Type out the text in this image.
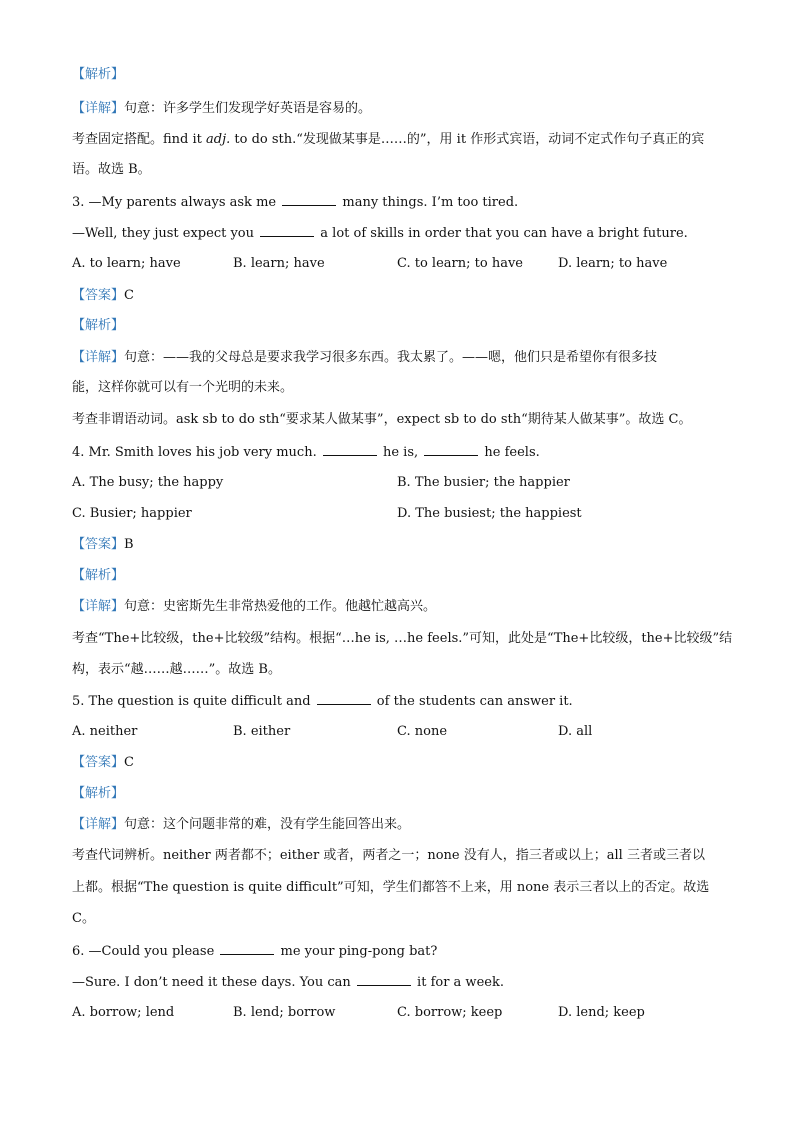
【解析】
【详解】句意：许多学生们发现学好英语是容易的。
考查固定搭配。find it adj. to do sth.“发现做某事是……的”，用 it 作形式宾语，动词不定式作句子真正的宾
语。故选 B。
3. —My parents always ask me	many things. I’m too tired.
—Well, they just expect you	a lot of skills in order that you can have a bright future.
A. to learn; have	B. learn; have	C. to learn; to have	D. learn; to have
【答案】C
【解析】
【详解】句意：——我的父母总是要求我学习很多东西。我太累了。——嗯，他们只是希望你有很多技
能，这样你就可以有一个光明的未来。
考查非谓语动词。ask sb to do sth“要求某人做某事”，expect sb to do sth“期待某人做某事”。故选 C。
4. Mr. Smith loves his job very much.	he is,	he feels.
A. The busy; the happy	B. The busier; the happier
C. Busier; happier	D. The busiest; the happiest
【答案】B
【解析】
【详解】句意：史密斯先生非常热爱他的工作。他越忙越高兴。
考查“The+比较级，the+比较级”结构。根据“…he is, …he feels.”可知，此处是“The+比较级，the+比较级”结
构，表示“越……越……”。故选 B。
5. The question is quite difficult and	of the students can answer it.
A. neither	B. either	C. none	D. all
【答案】C
【解析】
【详解】句意：这个问题非常的难，没有学生能回答出来。
考查代词辨析。neither 两者都不；either 或者，两者之一；none 没有人，指三者或以上；all 三者或三者以
上都。根据“The question is quite difficult”可知，学生们都答不上来，用 none 表示三者以上的否定。故选
C。
6. —Could you please	me your ping-pong bat?
—Sure. I don’t need it these days. You can	it for a week.
A. borrow; lend	B. lend; borrow	C. borrow; keep	D. lend; keep
